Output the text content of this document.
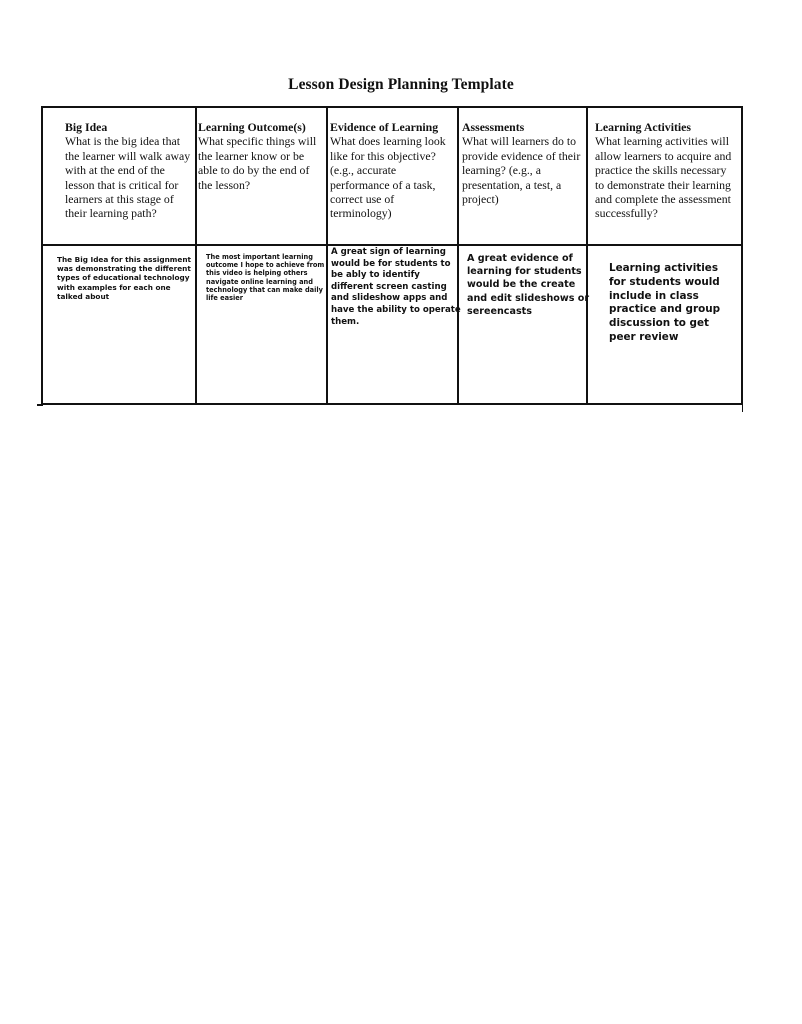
Lesson Design Planning Template
Big Idea
What is the big idea that the learner will walk away with at the end of the lesson that is critical for learners at this stage of their learning path?
Learning Outcome(s)
What specific things will the learner know or be able to do by the end of the lesson?
Evidence of Learning
What does learning look like for this objective? (e.g., accurate performance of a task, correct use of terminology)
Assessments
What will learners do to provide evidence of their learning? (e.g., a presentation, a test, a project)
Learning Activities
What learning activities will allow learners to acquire and practice the skills necessary to demonstrate their learning and complete the assessment successfully?
The Big Idea for this assignment was demonstrating the different types of educational technology with examples for each one talked about
The most important learning outcome I hope to achieve from this video is helping others navigate online learning and technology that can make daily life easier
A great sign of learning would be for students to be ably to identify different screen casting and slideshow apps and have the ability to operate them.
A great evidence of learning for students would be the create and edit slideshows or sereencasts
Learning activities for students would include in class practice and group discussion to get peer review
